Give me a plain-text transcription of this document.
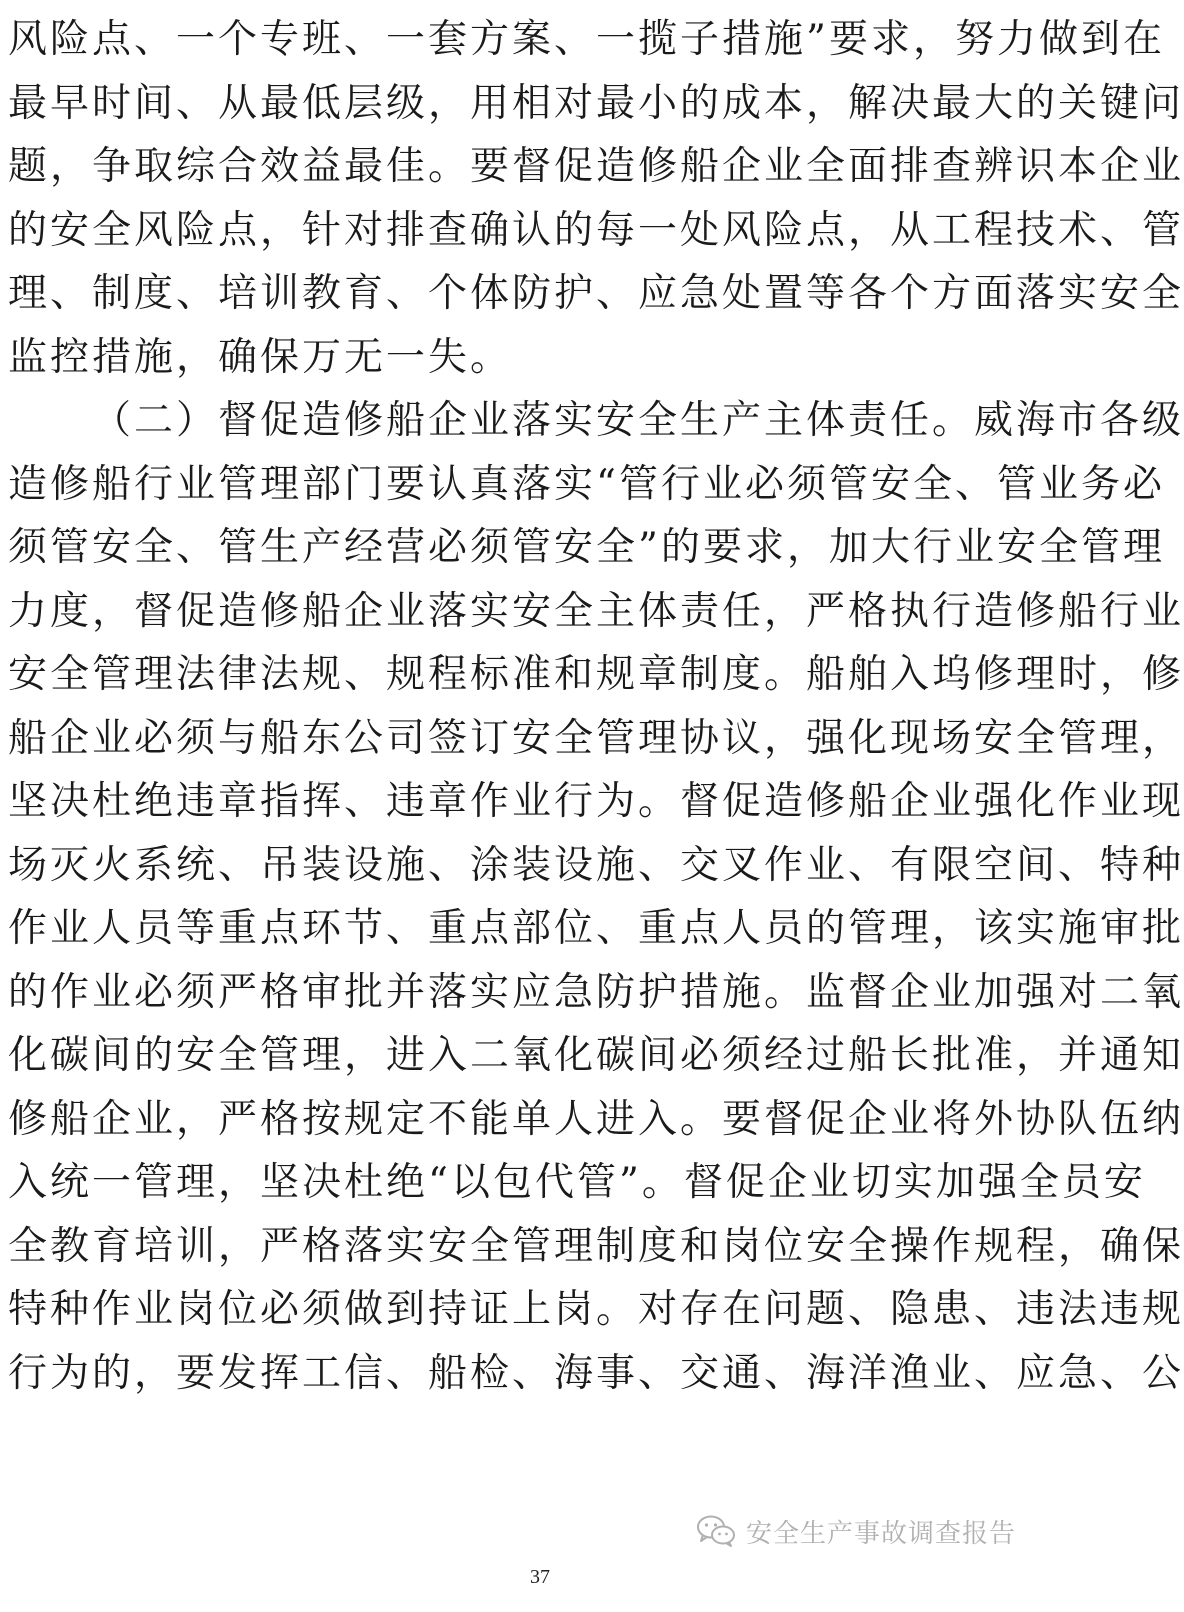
风险点、一个专班、一套方案、一揽子措施”要求，努力做到在
最早时间、从最低层级，用相对最小的成本，解决最大的关键问
题，争取综合效益最佳。要督促造修船企业全面排查辨识本企业
的安全风险点，针对排查确认的每一处风险点，从工程技术、管
理、制度、培训教育、个体防护、应急处置等各个方面落实安全
监控措施，确保万无一失。
（二）督促造修船企业落实安全生产主体责任。威海市各级
造修船行业管理部门要认真落实“管行业必须管安全、管业务必
须管安全、管生产经营必须管安全”的要求，加大行业安全管理
力度，督促造修船企业落实安全主体责任，严格执行造修船行业
安全管理法律法规、规程标准和规章制度。船舶入坞修理时，修
船企业必须与船东公司签订安全管理协议，强化现场安全管理，
坚决杜绝违章指挥、违章作业行为。督促造修船企业强化作业现
场灭火系统、吊装设施、涂装设施、交叉作业、有限空间、特种
作业人员等重点环节、重点部位、重点人员的管理，该实施审批
的作业必须严格审批并落实应急防护措施。监督企业加强对二氧
化碳间的安全管理，进入二氧化碳间必须经过船长批准，并通知
修船企业，严格按规定不能单人进入。要督促企业将外协队伍纳
入统一管理，坚决杜绝“以包代管”。督促企业切实加强全员安
全教育培训，严格落实安全管理制度和岗位安全操作规程，确保
特种作业岗位必须做到持证上岗。对存在问题、隐患、违法违规
行为的，要发挥工信、船检、海事、交通、海洋渔业、应急、公
安全生产事故调查报告
37
